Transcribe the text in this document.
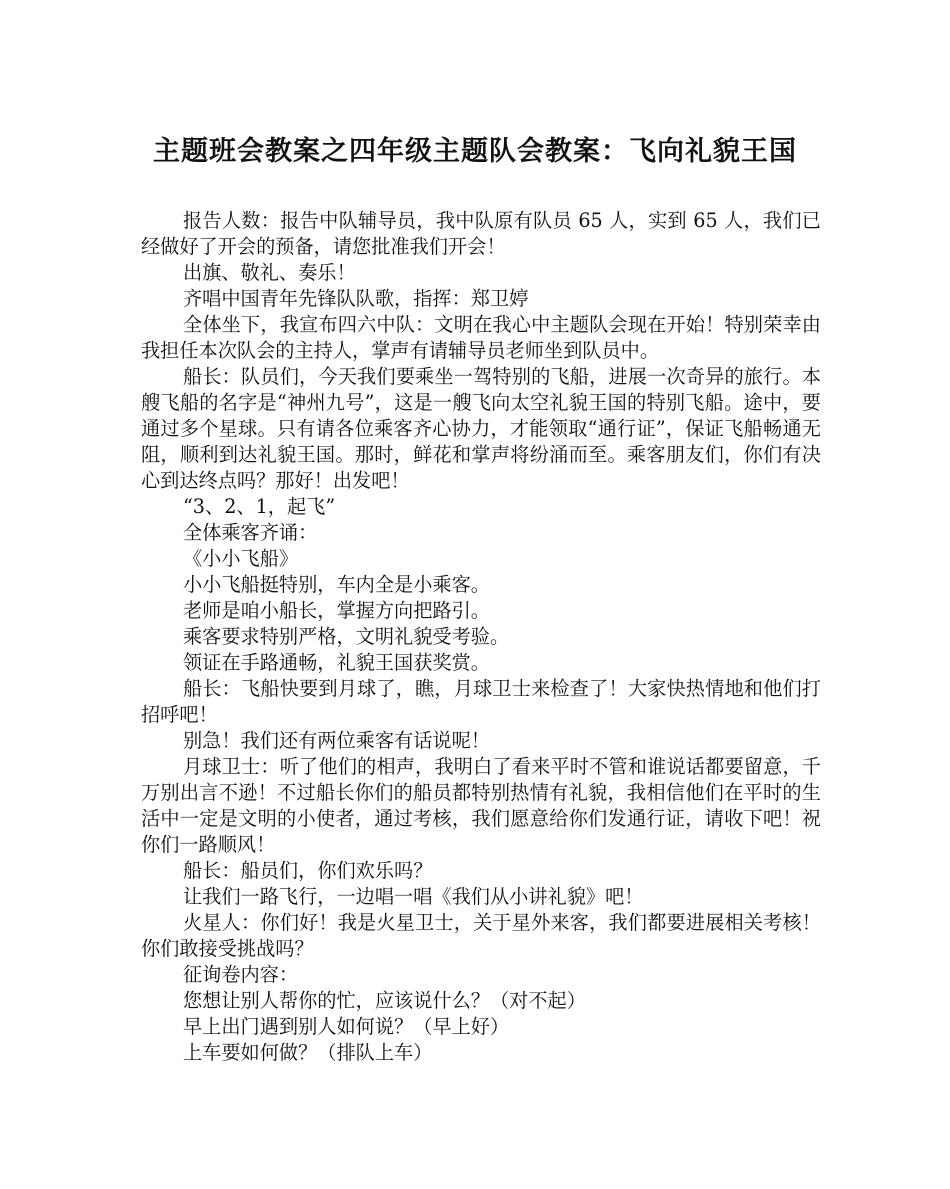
主题班会教案之四年级主题队会教案：飞向礼貌王国

报告人数：报告中队辅导员，我中队原有队员 65 人，实到 65 人，我们已经做好了开会的预备，请您批准我们开会！

出旗、敬礼、奏乐！

齐唱中国青年先锋队队歌，指挥：郑卫婷

全体坐下，我宣布四六中队：文明在我心中主题队会现在开始！特别荣幸由我担任本次队会的主持人，掌声有请辅导员老师坐到队员中。

船长：队员们，今天我们要乘坐一驾特别的飞船，进展一次奇异的旅行。本艘飞船的名字是“神州九号”，这是一艘飞向太空礼貌王国的特别飞船。途中，要通过多个星球。只有请各位乘客齐心协力，才能领取“通行证”，保证飞船畅通无阻，顺利到达礼貌王国。那时，鲜花和掌声将纷涌而至。乘客朋友们，你们有决心到达终点吗？那好！出发吧！

“3、2、1，起飞”

全体乘客齐诵：

《小小飞船》

小小飞船挺特别，车内全是小乘客。

老师是咱小船长，掌握方向把路引。

乘客要求特别严格，文明礼貌受考验。

领证在手路通畅，礼貌王国获奖赏。

船长：飞船快要到月球了，瞧，月球卫士来检查了！大家快热情地和他们打招呼吧！

别急！我们还有两位乘客有话说呢！

月球卫士：听了他们的相声，我明白了看来平时不管和谁说话都要留意，千万别出言不逊！不过船长你们的船员都特别热情有礼貌，我相信他们在平时的生活中一定是文明的小使者，通过考核，我们愿意给你们发通行证，请收下吧！祝你们一路顺风！

船长：船员们，你们欢乐吗？

让我们一路飞行，一边唱一唱《我们从小讲礼貌》吧！

火星人：你们好！我是火星卫士，关于星外来客，我们都要进展相关考核！你们敢接受挑战吗？

征询卷内容：

您想让别人帮你的忙，应该说什么？（对不起）

早上出门遇到别人如何说？（早上好）

上车要如何做？（排队上车）
